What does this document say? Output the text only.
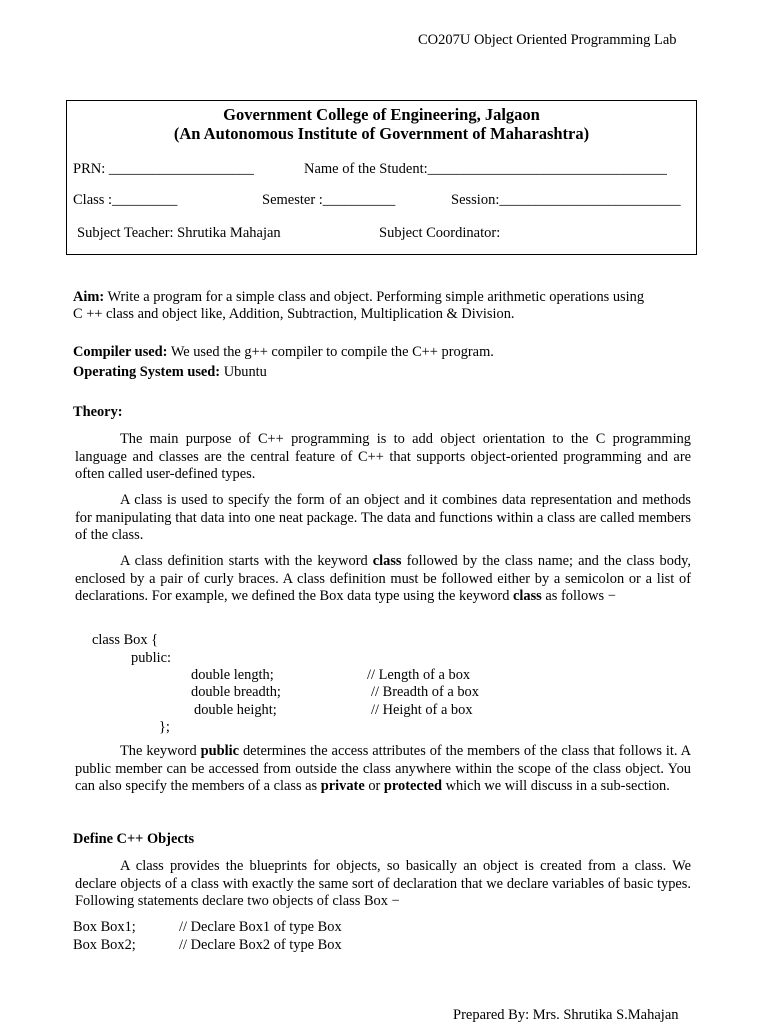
CO207U Object Oriented Programming Lab
Government College of Engineering, Jalgaon
(An Autonomous Institute of Government of Maharashtra)
PRN: ____________________	Name of the Student:_________________________________
Class :_________	Semester :__________	Session:_________________________
Subject Teacher: Shrutika Mahajan	Subject Coordinator:
Aim: Write a program for a simple class and object. Performing simple arithmetic operations using
C ++ class and object like, Addition, Subtraction, Multiplication & Division.
Compiler used: We used the g++ compiler to compile the C++ program.
Operating System used: Ubuntu
Theory:
The main purpose of C++ programming is to add object orientation to the C programming language and classes are the central feature of C++ that supports object-oriented programming and are often called user-defined types.
A class is used to specify the form of an object and it combines data representation and methods for manipulating that data into one neat package. The data and functions within a class are called members of the class.
A class definition starts with the keyword class followed by the class name; and the class body, enclosed by a pair of curly braces. A class definition must be followed either by a semicolon or a list of declarations. For example, we defined the Box data type using the keyword class as follows −
class Box {
public:
double length;	// Length of a box
double breadth;	// Breadth of a box
double height;	// Height of a box
};
The keyword public determines the access attributes of the members of the class that follows it. A public member can be accessed from outside the class anywhere within the scope of the class object. You can also specify the members of a class as private or protected which we will discuss in a sub-section.
Define C++ Objects
A class provides the blueprints for objects, so basically an object is created from a class. We declare objects of a class with exactly the same sort of declaration that we declare variables of basic types. Following statements declare two objects of class Box −
Box Box1;	// Declare Box1 of type Box
Box Box2;	// Declare Box2 of type Box
Prepared By: Mrs. Shrutika S.Mahajan
